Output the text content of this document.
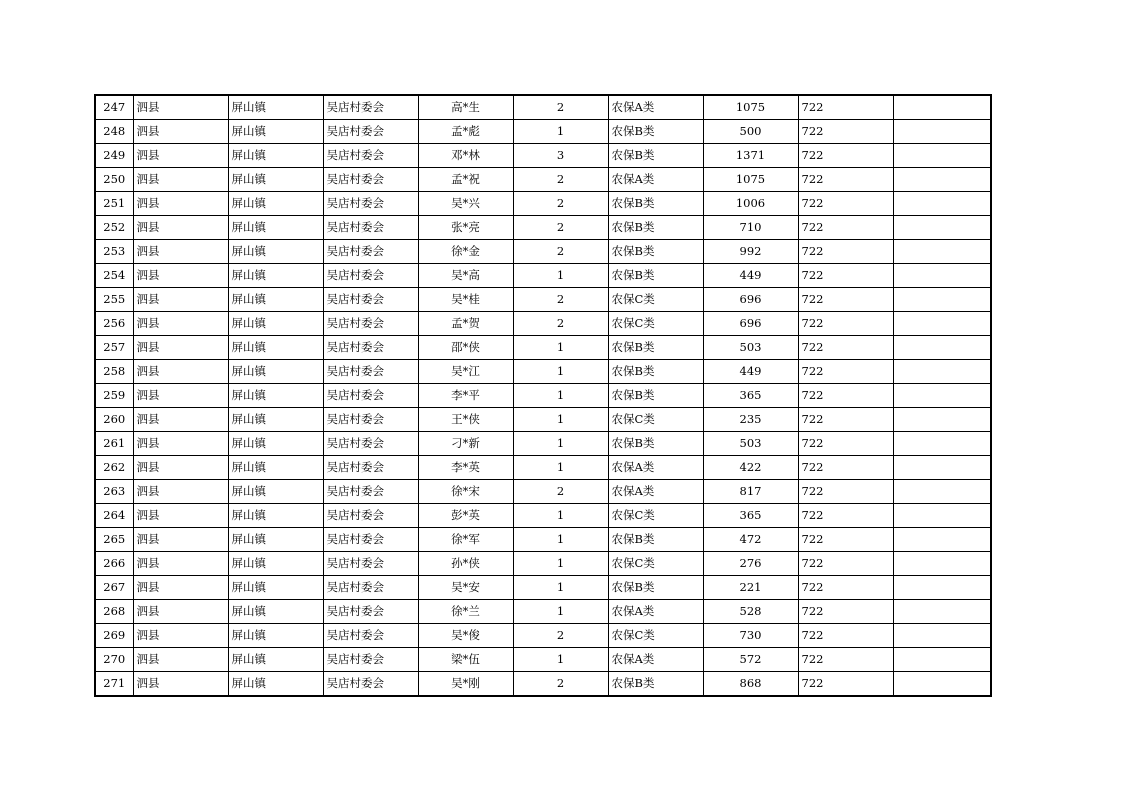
247	泗县	屏山镇	吴店村委会	高*生	2	农保A类	1075	722	
248	泗县	屏山镇	吴店村委会	孟*彪	1	农保B类	500	722	
249	泗县	屏山镇	吴店村委会	邓*林	3	农保B类	1371	722	
250	泗县	屏山镇	吴店村委会	孟*祝	2	农保A类	1075	722	
251	泗县	屏山镇	吴店村委会	吴*兴	2	农保B类	1006	722	
252	泗县	屏山镇	吴店村委会	张*亮	2	农保B类	710	722	
253	泗县	屏山镇	吴店村委会	徐*金	2	农保B类	992	722	
254	泗县	屏山镇	吴店村委会	吴*高	1	农保B类	449	722	
255	泗县	屏山镇	吴店村委会	吴*桂	2	农保C类	696	722	
256	泗县	屏山镇	吴店村委会	孟*贺	2	农保C类	696	722	
257	泗县	屏山镇	吴店村委会	邵*侠	1	农保B类	503	722	
258	泗县	屏山镇	吴店村委会	吴*江	1	农保B类	449	722	
259	泗县	屏山镇	吴店村委会	李*平	1	农保B类	365	722	
260	泗县	屏山镇	吴店村委会	王*侠	1	农保C类	235	722	
261	泗县	屏山镇	吴店村委会	刁*新	1	农保B类	503	722	
262	泗县	屏山镇	吴店村委会	李*英	1	农保A类	422	722	
263	泗县	屏山镇	吴店村委会	徐*宋	2	农保A类	817	722	
264	泗县	屏山镇	吴店村委会	彭*英	1	农保C类	365	722	
265	泗县	屏山镇	吴店村委会	徐*军	1	农保B类	472	722	
266	泗县	屏山镇	吴店村委会	孙*侠	1	农保C类	276	722	
267	泗县	屏山镇	吴店村委会	吴*安	1	农保B类	221	722	
268	泗县	屏山镇	吴店村委会	徐*兰	1	农保A类	528	722	
269	泗县	屏山镇	吴店村委会	吴*俊	2	农保C类	730	722	
270	泗县	屏山镇	吴店村委会	梁*伍	1	农保A类	572	722	
271	泗县	屏山镇	吴店村委会	吴*刚	2	农保B类	868	722	
